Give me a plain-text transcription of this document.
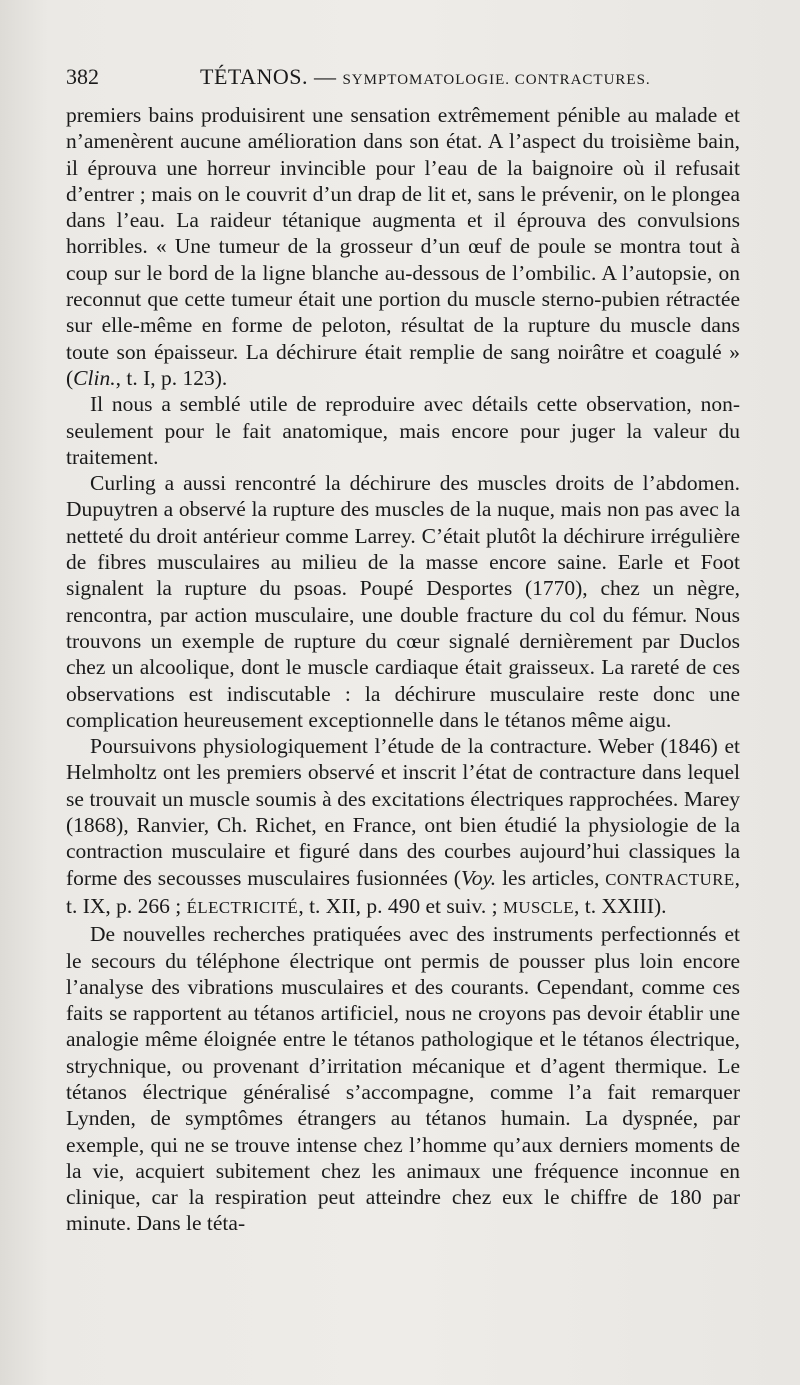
382	TÉTANOS. — SYMPTOMATOLOGIE. CONTRACTURES.

premiers bains produisirent une sensation extrêmement pénible au malade et n’amenèrent aucune amélioration dans son état. A l’aspect du troisième bain, il éprouva une horreur invincible pour l’eau de la baignoire où il refusait d’entrer ; mais on le couvrit d’un drap de lit et, sans le prévenir, on le plongea dans l’eau. La raideur tétanique augmenta et il éprouva des convulsions horribles. « Une tumeur de la grosseur d’un œuf de poule se montra tout à coup sur le bord de la ligne blanche au-dessous de l’ombilic. A l’autopsie, on reconnut que cette tumeur était une portion du muscle sterno-pubien rétractée sur elle-même en forme de peloton, résultat de la rupture du muscle dans toute son épaisseur. La déchirure était remplie de sang noirâtre et coagulé » (Clin., t. I, p. 123).

Il nous a semblé utile de reproduire avec détails cette observation, non-seulement pour le fait anatomique, mais encore pour juger la valeur du traitement.

Curling a aussi rencontré la déchirure des muscles droits de l’abdomen. Dupuytren a observé la rupture des muscles de la nuque, mais non pas avec la netteté du droit antérieur comme Larrey. C’était plutôt la déchirure irrégulière de fibres musculaires au milieu de la masse encore saine. Earle et Foot signalent la rupture du psoas. Poupé Desportes (1770), chez un nègre, rencontra, par action musculaire, une double fracture du col du fémur. Nous trouvons un exemple de rupture du cœur signalé dernièrement par Duclos chez un alcoolique, dont le muscle cardiaque était graisseux. La rareté de ces observations est indiscutable : la déchirure musculaire reste donc une complication heureusement exceptionnelle dans le tétanos même aigu.

Poursuivons physiologiquement l’étude de la contracture. Weber (1846) et Helmholtz ont les premiers observé et inscrit l’état de contracture dans lequel se trouvait un muscle soumis à des excitations électriques rapprochées. Marey (1868), Ranvier, Ch. Richet, en France, ont bien étudié la physiologie de la contraction musculaire et figuré dans des courbes aujourd’hui classiques la forme des secousses musculaires fusionnées (Voy. les articles, CONTRACTURE, t. IX, p. 266 ; ÉLECTRICITÉ, t. XII, p. 490 et suiv. ; MUSCLE, t. XXIII).

De nouvelles recherches pratiquées avec des instruments perfectionnés et le secours du téléphone électrique ont permis de pousser plus loin encore l’analyse des vibrations musculaires et des courants. Cependant, comme ces faits se rapportent au tétanos artificiel, nous ne croyons pas devoir établir une analogie même éloignée entre le tétanos pathologique et le tétanos électrique, strychnique, ou provenant d’irritation mécanique et d’agent thermique. Le tétanos électrique généralisé s’accompagne, comme l’a fait remarquer Lynden, de symptômes étrangers au tétanos humain. La dyspnée, par exemple, qui ne se trouve intense chez l’homme qu’aux derniers moments de la vie, acquiert subitement chez les animaux une fréquence inconnue en clinique, car la respiration peut atteindre chez eux le chiffre de 180 par minute. Dans le téta-
